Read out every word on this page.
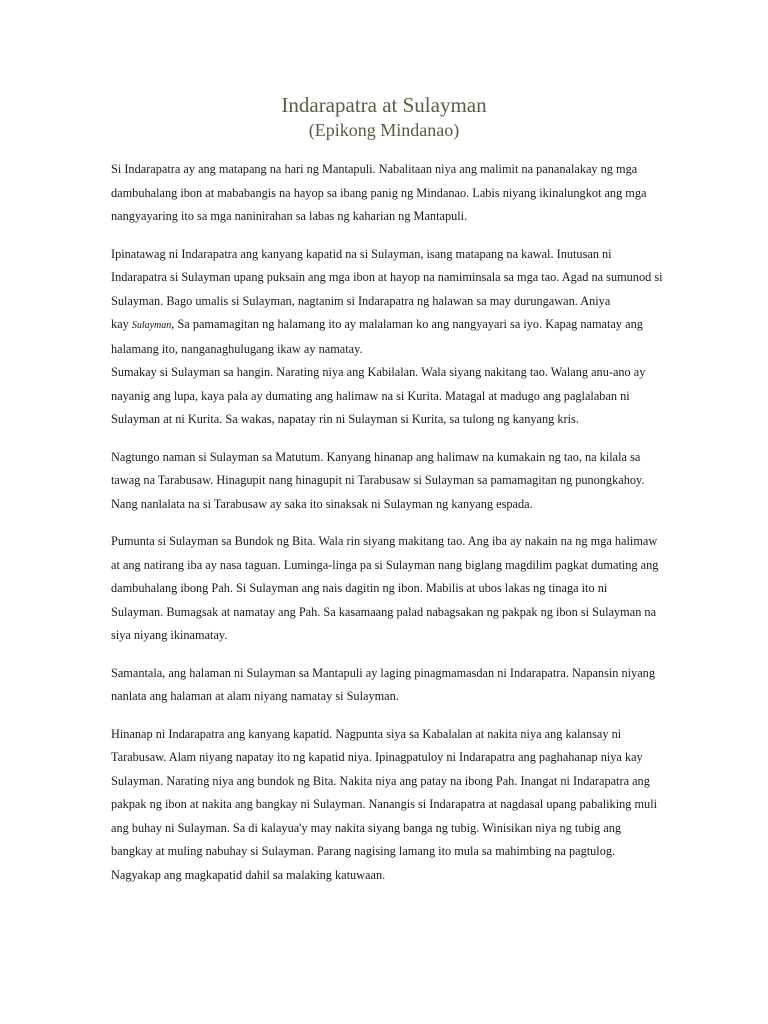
Indarapatra at Sulayman
(Epikong Mindanao)

Si Indarapatra ay ang matapang na hari ng Mantapuli. Nabalitaan niya ang malimit na pananalakay ng mga
dambuhalang ibon at mababangis na hayop sa ibang panig ng Mindanao. Labis niyang ikinalungkot ang mga
nangyayaring ito sa mga naninirahan sa labas ng kaharian ng Mantapuli.

Ipinatawag ni Indarapatra ang kanyang kapatid na si Sulayman, isang matapang na kawal. Inutusan ni
Indarapatra si Sulayman upang puksain ang mga ibon at hayop na namiminsala sa mga tao. Agad na sumunod si
Sulayman. Bago umalis si Sulayman, nagtanim si Indarapatra ng halawan sa may durungawan. Aniya
kay Sulayman, Sa pamamagitan ng halamang ito ay malalaman ko ang nangyayari sa iyo. Kapag namatay ang
halamang ito, nanganaghulugang ikaw ay namatay.

Sumakay si Sulayman sa hangin. Narating niya ang Kabilalan. Wala siyang nakitang tao. Walang anu-ano ay
nayanig ang lupa, kaya pala ay dumating ang halimaw na si Kurita. Matagal at madugo ang paglalaban ni
Sulayman at ni Kurita. Sa wakas, napatay rin ni Sulayman si Kurita, sa tulong ng kanyang kris.

Nagtungo naman si Sulayman sa Matutum. Kanyang hinanap ang halimaw na kumakain ng tao, na kilala sa
tawag na Tarabusaw. Hinagupit nang hinagupit ni Tarabusaw si Sulayman sa pamamagitan ng punongkahoy.
Nang nanlalata na si Tarabusaw ay saka ito sinaksak ni Sulayman ng kanyang espada.

Pumunta si Sulayman sa Bundok ng Bita. Wala rin siyang makitang tao. Ang iba ay nakain na ng mga halimaw
at ang natirang iba ay nasa taguan. Luminga-linga pa si Sulayman nang biglang magdilim pagkat dumating ang
dambuhalang ibong Pah. Si Sulayman ang nais dagitin ng ibon. Mabilis at ubos lakas ng tinaga ito ni
Sulayman. Bumagsak at namatay ang Pah. Sa kasamaang palad nabagsakan ng pakpak ng ibon si Sulayman na
siya niyang ikinamatay.

Samantala, ang halaman ni Sulayman sa Mantapuli ay laging pinagmamasdan ni Indarapatra. Napansin niyang
nanlata ang halaman at alam niyang namatay si Sulayman.

Hinanap ni Indarapatra ang kanyang kapatid. Nagpunta siya sa Kabalalan at nakita niya ang kalansay ni
Tarabusaw. Alam niyang napatay ito ng kapatid niya. Ipinagpatuloy ni Indarapatra ang paghahanap niya kay
Sulayman. Narating niya ang bundok ng Bita. Nakita niya ang patay na ibong Pah. Inangat ni Indarapatra ang
pakpak ng ibon at nakita ang bangkay ni Sulayman. Nanangis si Indarapatra at nagdasal upang pabaliking muli
ang buhay ni Sulayman. Sa di kalayua'y may nakita siyang banga ng tubig. Winisikan niya ng tubig ang
bangkay at muling nabuhay si Sulayman. Parang nagising lamang ito mula sa mahimbing na pagtulog.
Nagyakap ang magkapatid dahil sa malaking katuwaan.
